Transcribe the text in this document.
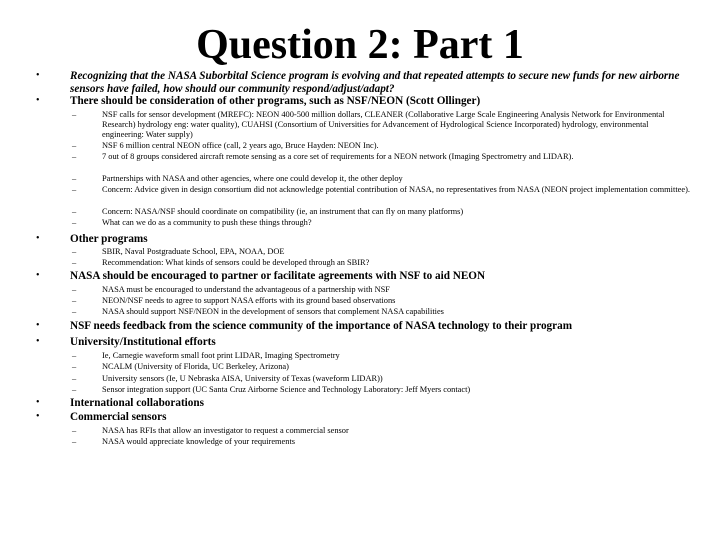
Question 2: Part 1
•	Recognizing that the NASA Suborbital Science program is evolving and that repeated attempts to secure new funds for new airborne sensors have failed, how should our community respond/adjust/adapt?
•	There should be consideration of other programs, such as NSF/NEON (Scott Ollinger)
–	NSF calls for sensor development (MREFC): NEON 400-500 million dollars, CLEANER (Collaborative Large Scale Engineering Analysis Network for Environmental Research) hydrology eng: water quality), CUAHSI (Consortium of Universities for Advancement of Hydrological Science Incorporated) hydrology, environmental engineering: Water supply)
–	NSF 6 million central NEON office (call, 2 years ago, Bruce Hayden: NEON Inc).
–	7 out of 8 groups considered aircraft remote sensing as a core set of requirements for a NEON network (Imaging Spectrometry and LIDAR).
–	Partnerships with NASA and other agencies, where one could develop it, the other deploy
–	Concern: Advice given in design consortium did not acknowledge potential contribution of NASA, no representatives from NASA (NEON project implementation committee).
–	Concern: NASA/NSF should coordinate on compatibility (ie, an instrument that can fly on many platforms)
–	What can we do as a community to push these things through?
•	Other programs
–	SBIR, Naval Postgraduate School, EPA, NOAA, DOE
–	Recommendation: What kinds of sensors could be developed through an SBIR?
•	NASA should be encouraged to partner or facilitate agreements with NSF to aid NEON
–	NASA must be encouraged to understand the advantageous of a partnership with NSF
–	NEON/NSF needs to agree to support NASA efforts with its ground based observations
–	NASA should support NSF/NEON in the development of sensors that complement NASA capabilities
•	NSF needs feedback from the science community of the importance of NASA technology to their program
•	University/Institutional efforts
–	Ie, Carnegie waveform small foot print LIDAR, Imaging Spectrometry
–	NCALM (University of Florida, UC Berkeley, Arizona)
–	University sensors (Ie, U Nebraska AISA, University of Texas (waveform LIDAR))
–	Sensor integration support (UC Santa Cruz Airborne Science and Technology Laboratory: Jeff Myers contact)
•	International collaborations
•	Commercial sensors
–	NASA has RFIs that allow an investigator to request a commercial sensor
–	NASA would appreciate knowledge of your requirements
